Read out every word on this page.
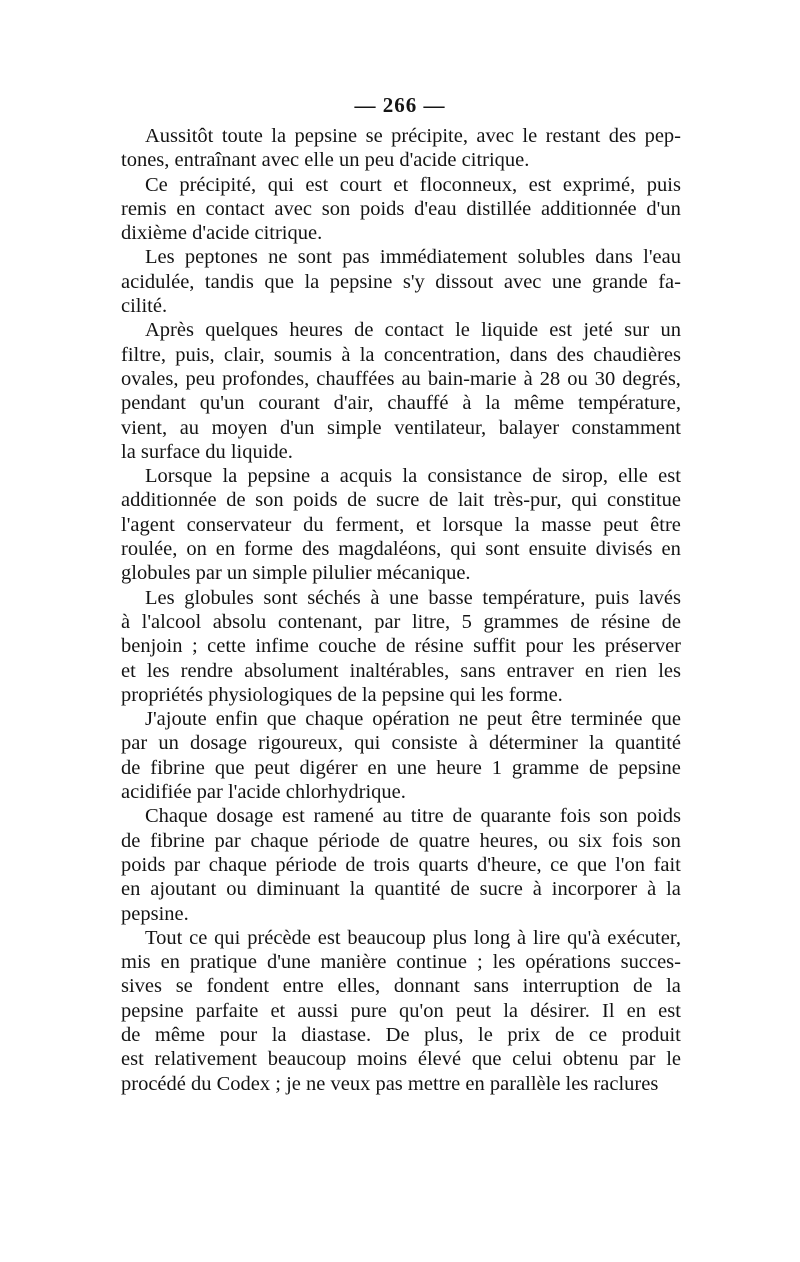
— 266 —
Aussitôt toute la pepsine se précipite, avec le restant des pep-
tones, entraînant avec elle un peu d'acide citrique.
Ce précipité, qui est court et floconneux, est exprimé, puis
remis en contact avec son poids d'eau distillée additionnée d'un
dixième d'acide citrique.
Les peptones ne sont pas immédiatement solubles dans l'eau
acidulée, tandis que la pepsine s'y dissout avec une grande fa-
cilité.
Après quelques heures de contact le liquide est jeté sur un
filtre, puis, clair, soumis à la concentration, dans des chaudières
ovales, peu profondes, chauffées au bain-marie à 28 ou 30 degrés,
pendant qu'un courant d'air, chauffé à la même température,
vient, au moyen d'un simple ventilateur, balayer constamment
la surface du liquide.
Lorsque la pepsine a acquis la consistance de sirop, elle est
additionnée de son poids de sucre de lait très-pur, qui constitue
l'agent conservateur du ferment, et lorsque la masse peut être
roulée, on en forme des magdaléons, qui sont ensuite divisés en
globules par un simple pilulier mécanique.
Les globules sont séchés à une basse température, puis lavés
à l'alcool absolu contenant, par litre, 5 grammes de résine de
benjoin ; cette infime couche de résine suffit pour les préserver
et les rendre absolument inaltérables, sans entraver en rien les
propriétés physiologiques de la pepsine qui les forme.
J'ajoute enfin que chaque opération ne peut être terminée que
par un dosage rigoureux, qui consiste à déterminer la quantité
de fibrine que peut digérer en une heure 1 gramme de pepsine
acidifiée par l'acide chlorhydrique.
Chaque dosage est ramené au titre de quarante fois son poids
de fibrine par chaque période de quatre heures, ou six fois son
poids par chaque période de trois quarts d'heure, ce que l'on fait
en ajoutant ou diminuant la quantité de sucre à incorporer à la
pepsine.
Tout ce qui précède est beaucoup plus long à lire qu'à exécuter,
mis en pratique d'une manière continue ; les opérations succes-
sives se fondent entre elles, donnant sans interruption de la
pepsine parfaite et aussi pure qu'on peut la désirer. Il en est
de même pour la diastase. De plus, le prix de ce produit
est relativement beaucoup moins élevé que celui obtenu par le
procédé du Codex ; je ne veux pas mettre en parallèle les raclures
